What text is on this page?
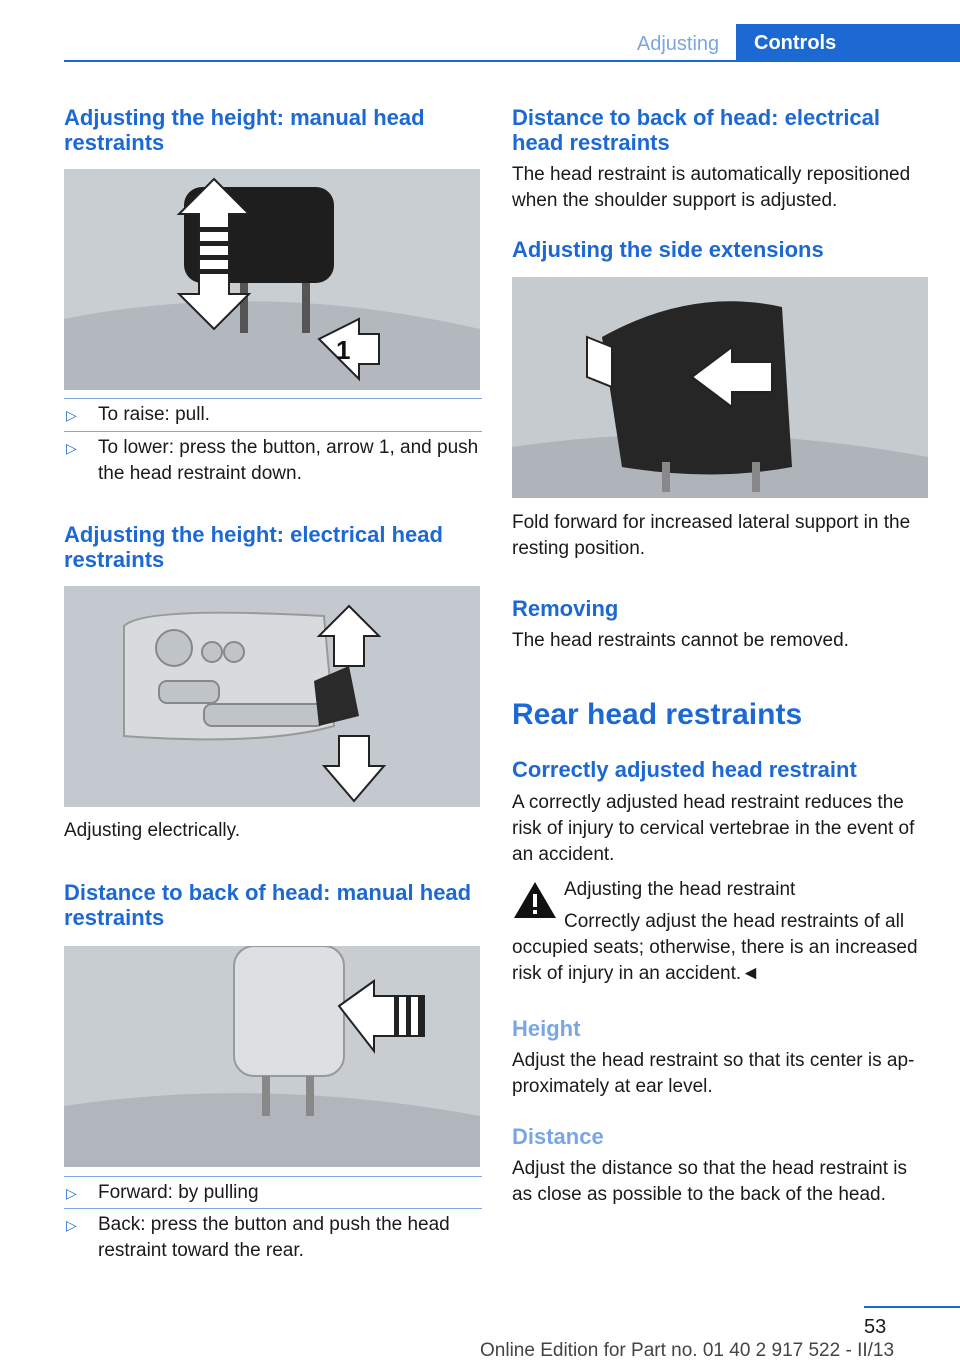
Adjusting	Controls
Adjusting the height: manual head restraints
1
▷ To raise: pull.
▷ To lower: press the button, arrow 1, and push the head restraint down.
Adjusting the height: electrical head restraints

Adjusting electrically.

Distance to back of head: manual head restraints
▷ Forward: by pulling
▷ Back: press the button and push the head restraint toward the rear.
Distance to back of head: electrical head restraints

The head restraint is automatically repositioned when the shoulder support is adjusted.

Adjusting the side extensions

Fold forward for increased lateral support in the resting position.

Removing

The head restraints cannot be removed.

Rear head restraints
Correctly adjusted head restraint

A correctly adjusted head restraint reduces the risk of injury to cervical vertebrae in the event of an accident.

Adjusting the head restraint

Correctly adjust the head restraints of all occupied seats; otherwise, there is an increased risk of injury in an accident.◄

Height

Adjust the head restraint so that its center is ap‐ proximately at ear level.

Distance

Adjust the distance so that the head restraint is as close as possible to the back of the head.

53
Online Edition for Part no. 01 40 2 917 522 - II/13
